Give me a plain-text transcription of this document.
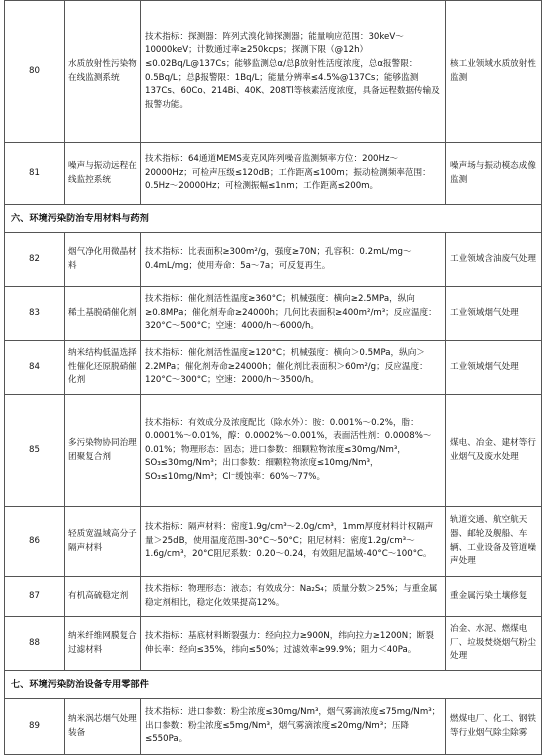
80	水质放射性污染物在线监测系统	技术指标：探测器：阵列式溴化铈探测器；能量响应范围：30keV～10000keV；计数通过率≥250kcps；探测下限（@12h）≤0.02Bq/L@137Cs；能够监测总α/总β放射性活度浓度，总α报警限：0.5Bq/L；总β报警限：1Bq/L；能量分辨率≤4.5%@137Cs；能够监测137Cs、60Co、214Bi、40K、208Tl等核素活度浓度，具备远程数据传输及报警功能。	核工业领域水质放射性监测
81	噪声与振动远程在线监控系统	技术指标：64通道MEMS麦克风阵列噪音监测频率方位：200Hz～20000Hz；可检声压级≤120dB；工作距离≤100m；振动检测频率范围：0.5Hz～20000Hz；可检测振幅≤1nm；工作距离≤200m。	噪声场与振动模态成像监测
六、环境污染防治专用材料与药剂			
82	烟气净化用微晶材料	技术指标：比表面积≥300m²/g，强度≥70N；孔容积：0.2mL/mg～0.4mL/mg；使用寿命：5a～7a；可反复再生。	工业领域含油废气处理
83	稀土基脱硝催化剂	技术指标：催化剂活性温度≥360°C；机械强度：横向≥2.5MPa，纵向≥0.8MPa；催化剂寿命≥24000h；几何比表面积≥400m²/m³；反应温度：320°C～500°C；空速：4000/h～6000/h。	工业领域烟气处理
84	纳米结构低温选择性催化还原脱硝催化剂	技术指标：催化剂活性温度≥120°C；机械强度：横向＞0.5MPa，纵向＞2.2MPa；催化剂寿命≥24000h；催化剂比表面积＞60m²/g；反应温度：120°C～300°C；空速：2000/h～3500/h。	工业领域烟气处理
85	多污染物协同治理团聚复合剂	技术指标：有效成分及浓度配比（除水外）：胺：0.001%～0.2%，脂：0.0001%～0.01%，醇：0.0002%～0.001%，表面活性剂：0.0008%～0.01%；物理形态：固态；进口参数：细颗粒物浓度≤30mg/Nm³，SO₃≤30mg/Nm³；出口参数：细颗粒物浓度≤10mg/Nm³，SO₃≤10mg/Nm³；Cl⁻缓蚀率：60%～77%。	煤电、冶金、建材等行业烟气及废水处理
86	轻质宽温域高分子隔声材料	技术指标：隔声材料：密度1.9g/cm³～2.0g/cm³，1mm厚度材料计权隔声量＞25dB，使用温度范围-30°C～50°C；阻尼材料：密度1.2g/cm³～1.6g/cm³，20°C阻尼系数：0.20～0.24，有效阻尼温域-40°C～100°C。	轨道交通、航空航天器、邮轮及舰船、车辆、工业设备及管道噪声处理
87	有机高硫稳定剂	技术指标：物理形态：液态；有效成分：Na₂S₄；质量分数＞25%；与重金属稳定剂相比，稳定化效果提高12%。	重金属污染土壤修复
88	纳米纤维网膜复合过滤材料	技术指标：基底材料断裂强力：经向拉力≥900N，纬向拉力≥1200N；断裂伸长率：经向≤35%，纬向≤50%；过滤效率≥99.9%；阻力＜40Pa。	冶金、水泥、燃煤电厂、垃圾焚烧烟气粉尘处理
七、环境污染防治设备专用零部件			
89	纳米涡芯烟气处理装备	技术指标：进口参数：粉尘浓度≤30mg/Nm³，烟气雾滴浓度≤75mg/Nm³；出口参数：粉尘浓度≤5mg/Nm³，烟气雾滴浓度≤20mg/Nm³；压降≤550Pa。	燃煤电厂、化工、钢铁等行业烟气除尘除雾
